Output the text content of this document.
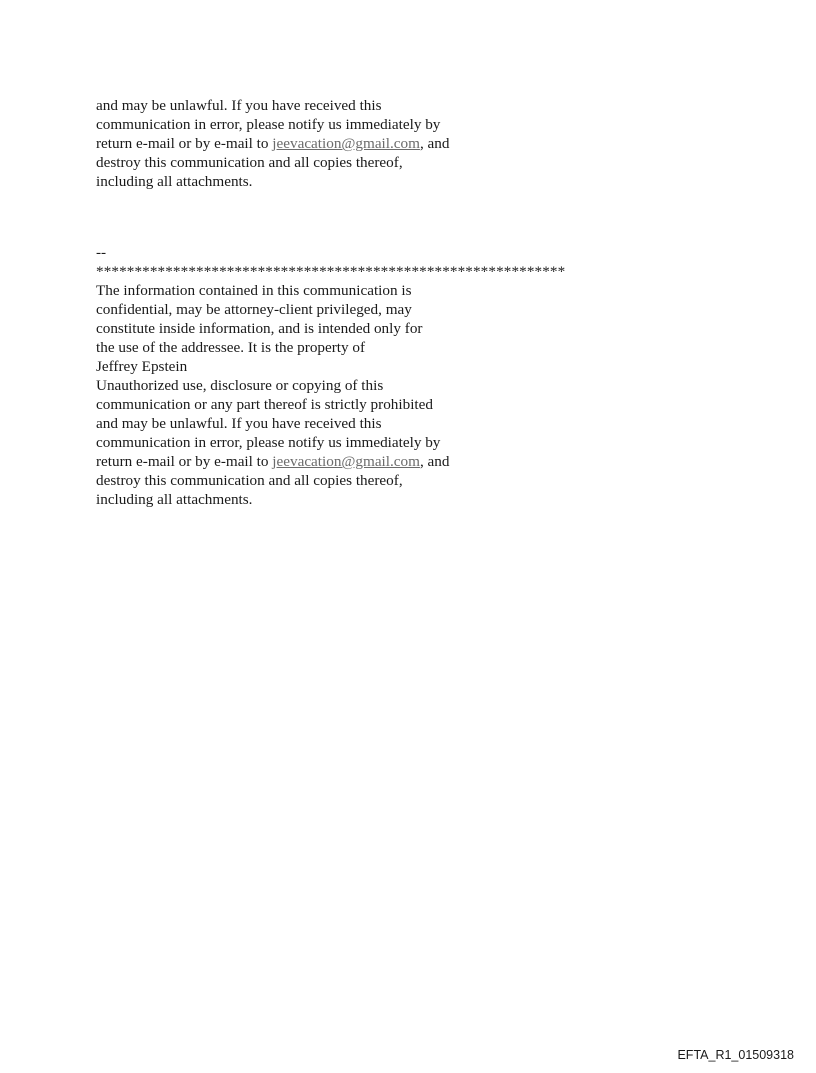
and may be unlawful. If you have received this
communication in error, please notify us immediately by
return e-mail or by e-mail to jeevacation@gmail.com, and
destroy this communication and all copies thereof,
including all attachments.
--
*************************************************************
The information contained in this communication is
confidential, may be attorney-client privileged, may
constitute inside information, and is intended only for
the use of the addressee. It is the property of
Jeffrey Epstein
Unauthorized use, disclosure or copying of this
communication or any part thereof is strictly prohibited
and may be unlawful. If you have received this
communication in error, please notify us immediately by
return e-mail or by e-mail to jeevacation@gmail.com, and
destroy this communication and all copies thereof,
including all attachments.
EFTA_R1_01509318
